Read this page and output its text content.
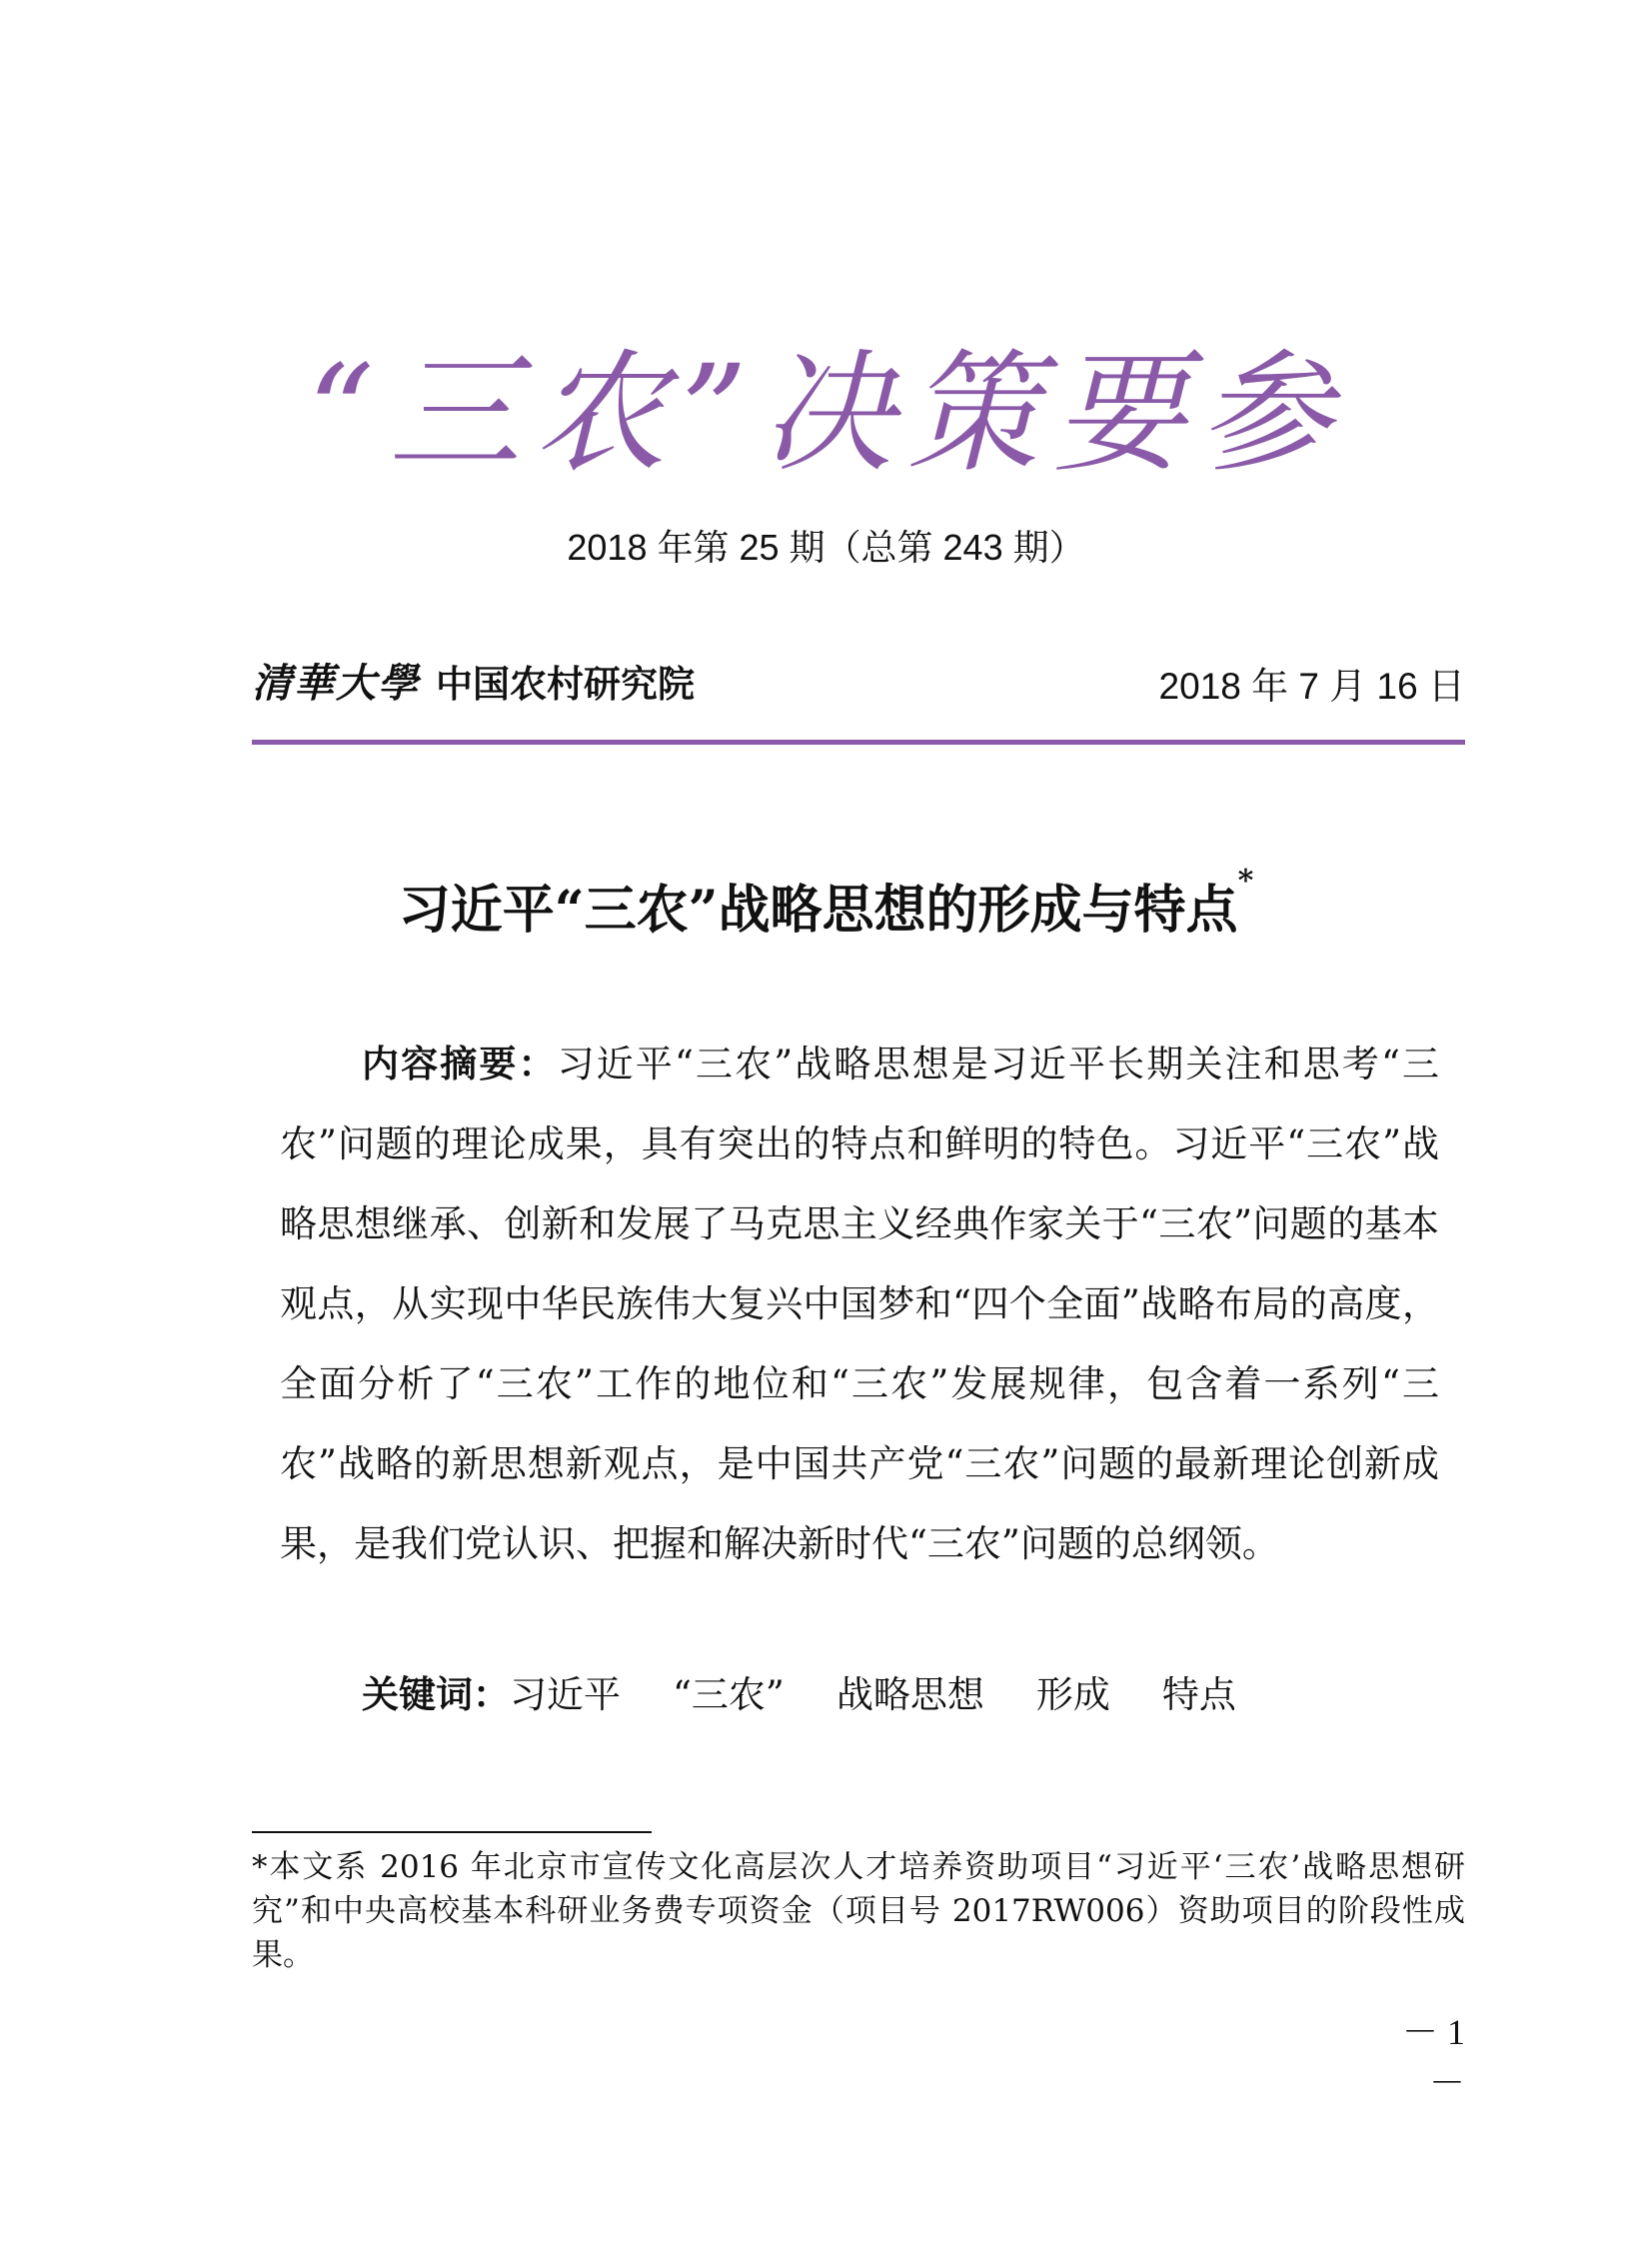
“三农”决策要参
2018 年第 25 期（总第 243 期）
清華大學 中国农村研究院	2018 年 7 月 16 日
习近平“三农”战略思想的形成与特点*
内容摘要：习近平“三农”战略思想是习近平长期关注和思考“三农”问题的理论成果，具有突出的特点和鲜明的特色。习近平“三农”战略思想继承、创新和发展了马克思主义经典作家关于“三农”问题的基本观点，从实现中华民族伟大复兴中国梦和“四个全面”战略布局的高度，全面分析了“三农”工作的地位和“三农”发展规律，包含着一系列“三农”战略的新思想新观点，是中国共产党“三农”问题的最新理论创新成果，是我们党认识、把握和解决新时代“三农”问题的总纲领。
关键词：习近平 “三农” 战略思想 形成 特点
*本文系 2016 年北京市宣传文化高层次人才培养资助项目“习近平‘三农’战略思想研究”和中央高校基本科研业务费专项资金（项目号 2017RW006）资助项目的阶段性成果。
－ 1 －
